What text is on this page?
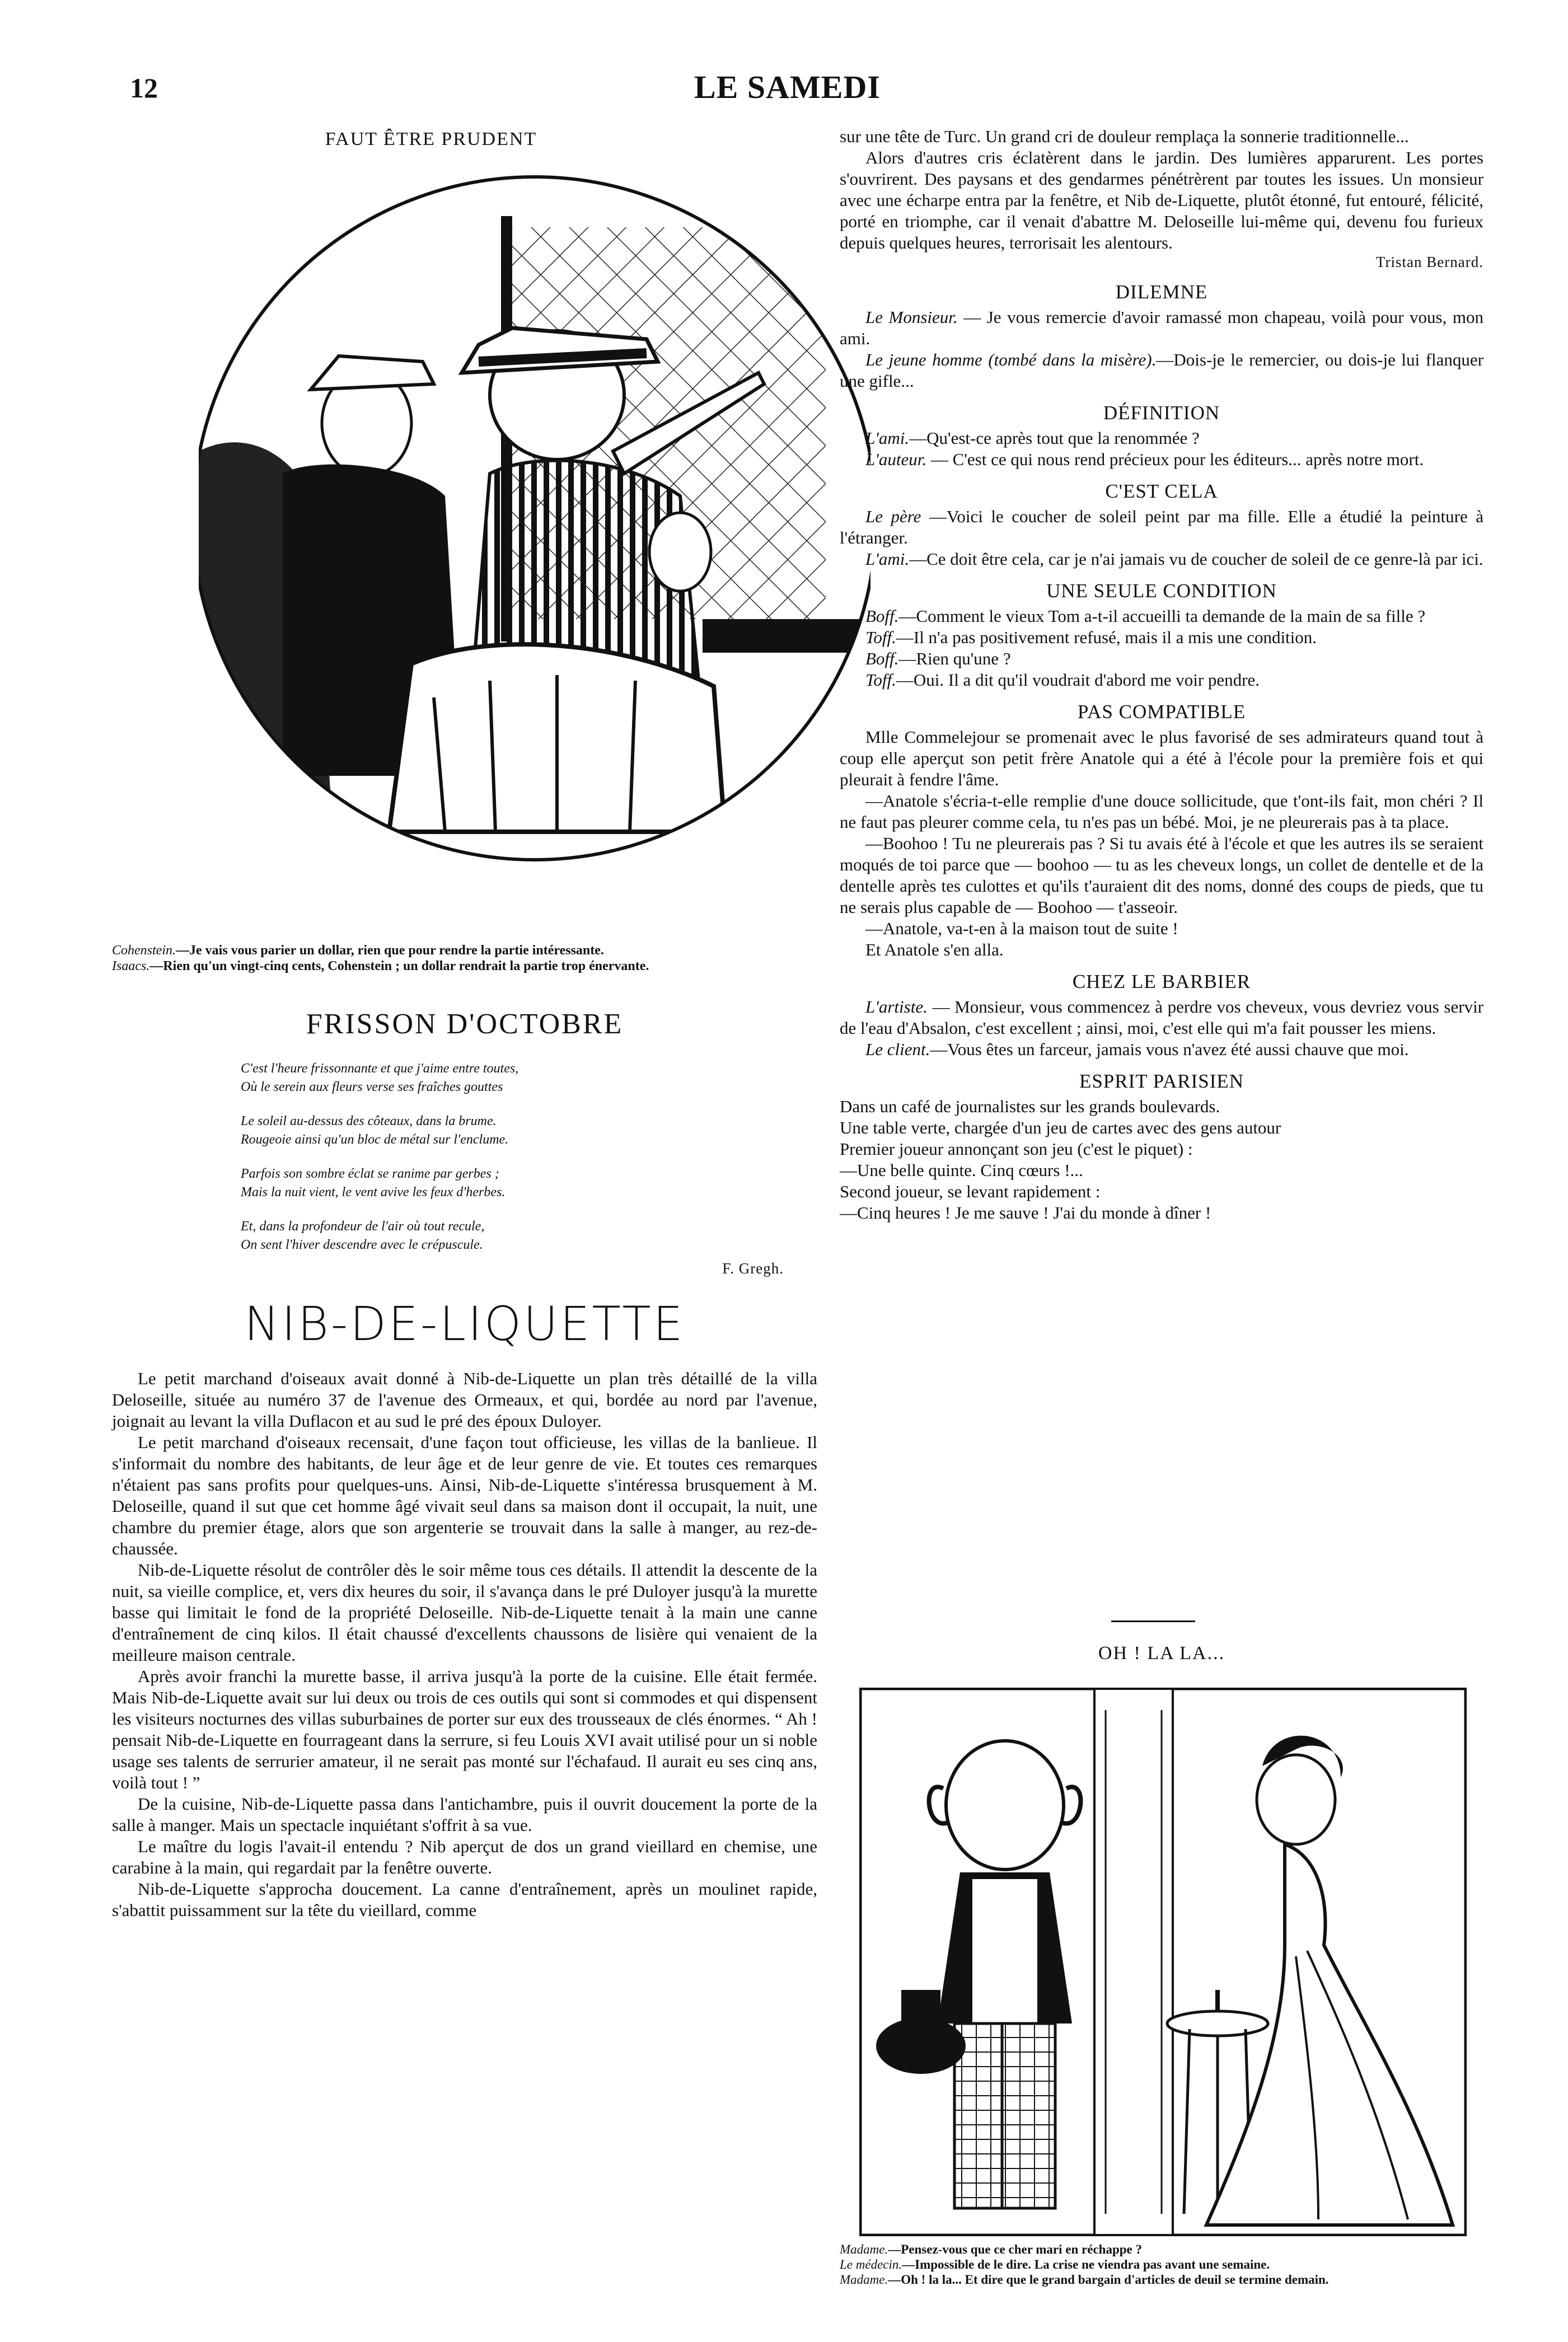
12	LE SAMEDI
FAUT ÊTRE PRUDENT
Cohenstein.—Je vais vous parier un dollar, rien que pour rendre la partie intéressante.
Isaacs.—Rien qu'un vingt-cinq cents, Cohenstein ; un dollar rendrait la partie trop énervante.
FRISSON D'OCTOBRE
C'est l'heure frissonnante et que j'aime entre toutes,
Où le serein aux fleurs verse ses fraîches gouttes
Le soleil au-dessus des côteaux, dans la brume.
Rougeoie ainsi qu'un bloc de métal sur l'enclume.
Parfois son sombre éclat se ranime par gerbes ;
Mais la nuit vient, le vent avive les feux d'herbes.
Et, dans la profondeur de l'air où tout recule,
On sent l'hiver descendre avec le crépuscule.
F. Gregh.
NIB-DE-LIQUETTE

Le petit marchand d'oiseaux avait donné à Nib-de-Liquette un plan très détaillé de la villa Deloseille, située au numéro 37 de l'avenue des Ormeaux, et qui, bordée au nord par l'avenue, joignait au levant la villa Duflacon et au sud le pré des époux Duloyer.

Le petit marchand d'oiseaux recensait, d'une façon tout officieuse, les villas de la banlieue. Il s'informait du nombre des habitants, de leur âge et de leur genre de vie. Et toutes ces remarques n'étaient pas sans profits pour quelques-uns. Ainsi, Nib-de-Liquette s'intéressa brusquement à M. Deloseille, quand il sut que cet homme âgé vivait seul dans sa maison dont il occupait, la nuit, une chambre du premier étage, alors que son argenterie se trouvait dans la salle à manger, au rez-de-chaussée.

Nib-de-Liquette résolut de contrôler dès le soir même tous ces détails. Il attendit la descente de la nuit, sa vieille complice, et, vers dix heures du soir, il s'avança dans le pré Duloyer jusqu'à la murette basse qui limitait le fond de la propriété Deloseille. Nib-de-Liquette tenait à la main une canne d'entraînement de cinq kilos. Il était chaussé d'excellents chaussons de lisière qui venaient de la meilleure maison centrale.

Après avoir franchi la murette basse, il arriva jusqu'à la porte de la cuisine. Elle était fermée. Mais Nib-de-Liquette avait sur lui deux ou trois de ces outils qui sont si commodes et qui dispensent les visiteurs nocturnes des villas suburbaines de porter sur eux des trousseaux de clés énormes. “ Ah ! pensait Nib-de-Liquette en fourrageant dans la serrure, si feu Louis XVI avait utilisé pour un si noble usage ses talents de serrurier amateur, il ne serait pas monté sur l'échafaud. Il aurait eu ses cinq ans, voilà tout ! ”

De la cuisine, Nib-de-Liquette passa dans l'antichambre, puis il ouvrit doucement la porte de la salle à manger. Mais un spectacle inquiétant s'offrit à sa vue.

Le maître du logis l'avait-il entendu ? Nib aperçut de dos un grand vieillard en chemise, une carabine à la main, qui regardait par la fenêtre ouverte.

Nib-de-Liquette s'approcha doucement. La canne d'entraînement, après un moulinet rapide, s'abattit puissamment sur la tête du vieillard, comme

sur une tête de Turc. Un grand cri de douleur remplaça la sonnerie traditionnelle...

Alors d'autres cris éclatèrent dans le jardin. Des lumières apparurent. Les portes s'ouvrirent. Des paysans et des gendarmes pénétrèrent par toutes les issues. Un monsieur avec une écharpe entra par la fenêtre, et Nib de-Liquette, plutôt étonné, fut entouré, félicité, porté en triomphe, car il venait d'abattre M. Deloseille lui-même qui, devenu fou furieux depuis quelques heures, terrorisait les alentours.

Tristan Bernard.
DILEMNE

Le Monsieur. — Je vous remercie d'avoir ramassé mon chapeau, voilà pour vous, mon ami.

Le jeune homme (tombé dans la misère).—Dois-je le remercier, ou dois-je lui flanquer une gifle...

DÉFINITION

L'ami.—Qu'est-ce après tout que la renommée ?

L'auteur. — C'est ce qui nous rend précieux pour les éditeurs... après notre mort.

C'EST CELA

Le père —Voici le coucher de soleil peint par ma fille. Elle a étudié la peinture à l'étranger.

L'ami.—Ce doit être cela, car je n'ai jamais vu de coucher de soleil de ce genre-là par ici.

UNE SEULE CONDITION

Boff.—Comment le vieux Tom a-t-il accueilli ta demande de la main de sa fille ?

Toff.—Il n'a pas positivement refusé, mais il a mis une condition.

Boff.—Rien qu'une ?

Toff.—Oui. Il a dit qu'il voudrait d'abord me voir pendre.

PAS COMPATIBLE

Mlle Commelejour se promenait avec le plus favorisé de ses admirateurs quand tout à coup elle aperçut son petit frère Anatole qui a été à l'école pour la première fois et qui pleurait à fendre l'âme.

—Anatole s'écria-t-elle remplie d'une douce sollicitude, que t'ont-ils fait, mon chéri ? Il ne faut pas pleurer comme cela, tu n'es pas un bébé. Moi, je ne pleurerais pas à ta place.

—Boohoo ! Tu ne pleurerais pas ? Si tu avais été à l'école et que les autres ils se seraient moqués de toi parce que — boohoo — tu as les cheveux longs, un collet de dentelle et de la dentelle après tes culottes et qu'ils t'auraient dit des noms, donné des coups de pieds, que tu ne serais plus capable de — Boohoo — t'asseoir.

—Anatole, va-t-en à la maison tout de suite !

Et Anatole s'en alla.

CHEZ LE BARBIER

L'artiste. — Monsieur, vous commencez à perdre vos cheveux, vous devriez vous servir de l'eau d'Absalon, c'est excellent ; ainsi, moi, c'est elle qui m'a fait pousser les miens.

Le client.—Vous êtes un farceur, jamais vous n'avez été aussi chauve que moi.

ESPRIT PARISIEN

Dans un café de journalistes sur les grands boulevards.

Une table verte, chargée d'un jeu de cartes avec des gens autour

Premier joueur annonçant son jeu (c'est le piquet) :

—Une belle quinte. Cinq cœurs !...

Second joueur, se levant rapidement :

—Cinq heures ! Je me sauve ! J'ai du monde à dîner !

OH ! LA LA...
Madame.—Pensez-vous que ce cher mari en réchappe ?
Le médecin.—Impossible de le dire. La crise ne viendra pas avant une semaine.
Madame.—Oh ! la la... Et dire que le grand bargain d'articles de deuil se termine demain.
